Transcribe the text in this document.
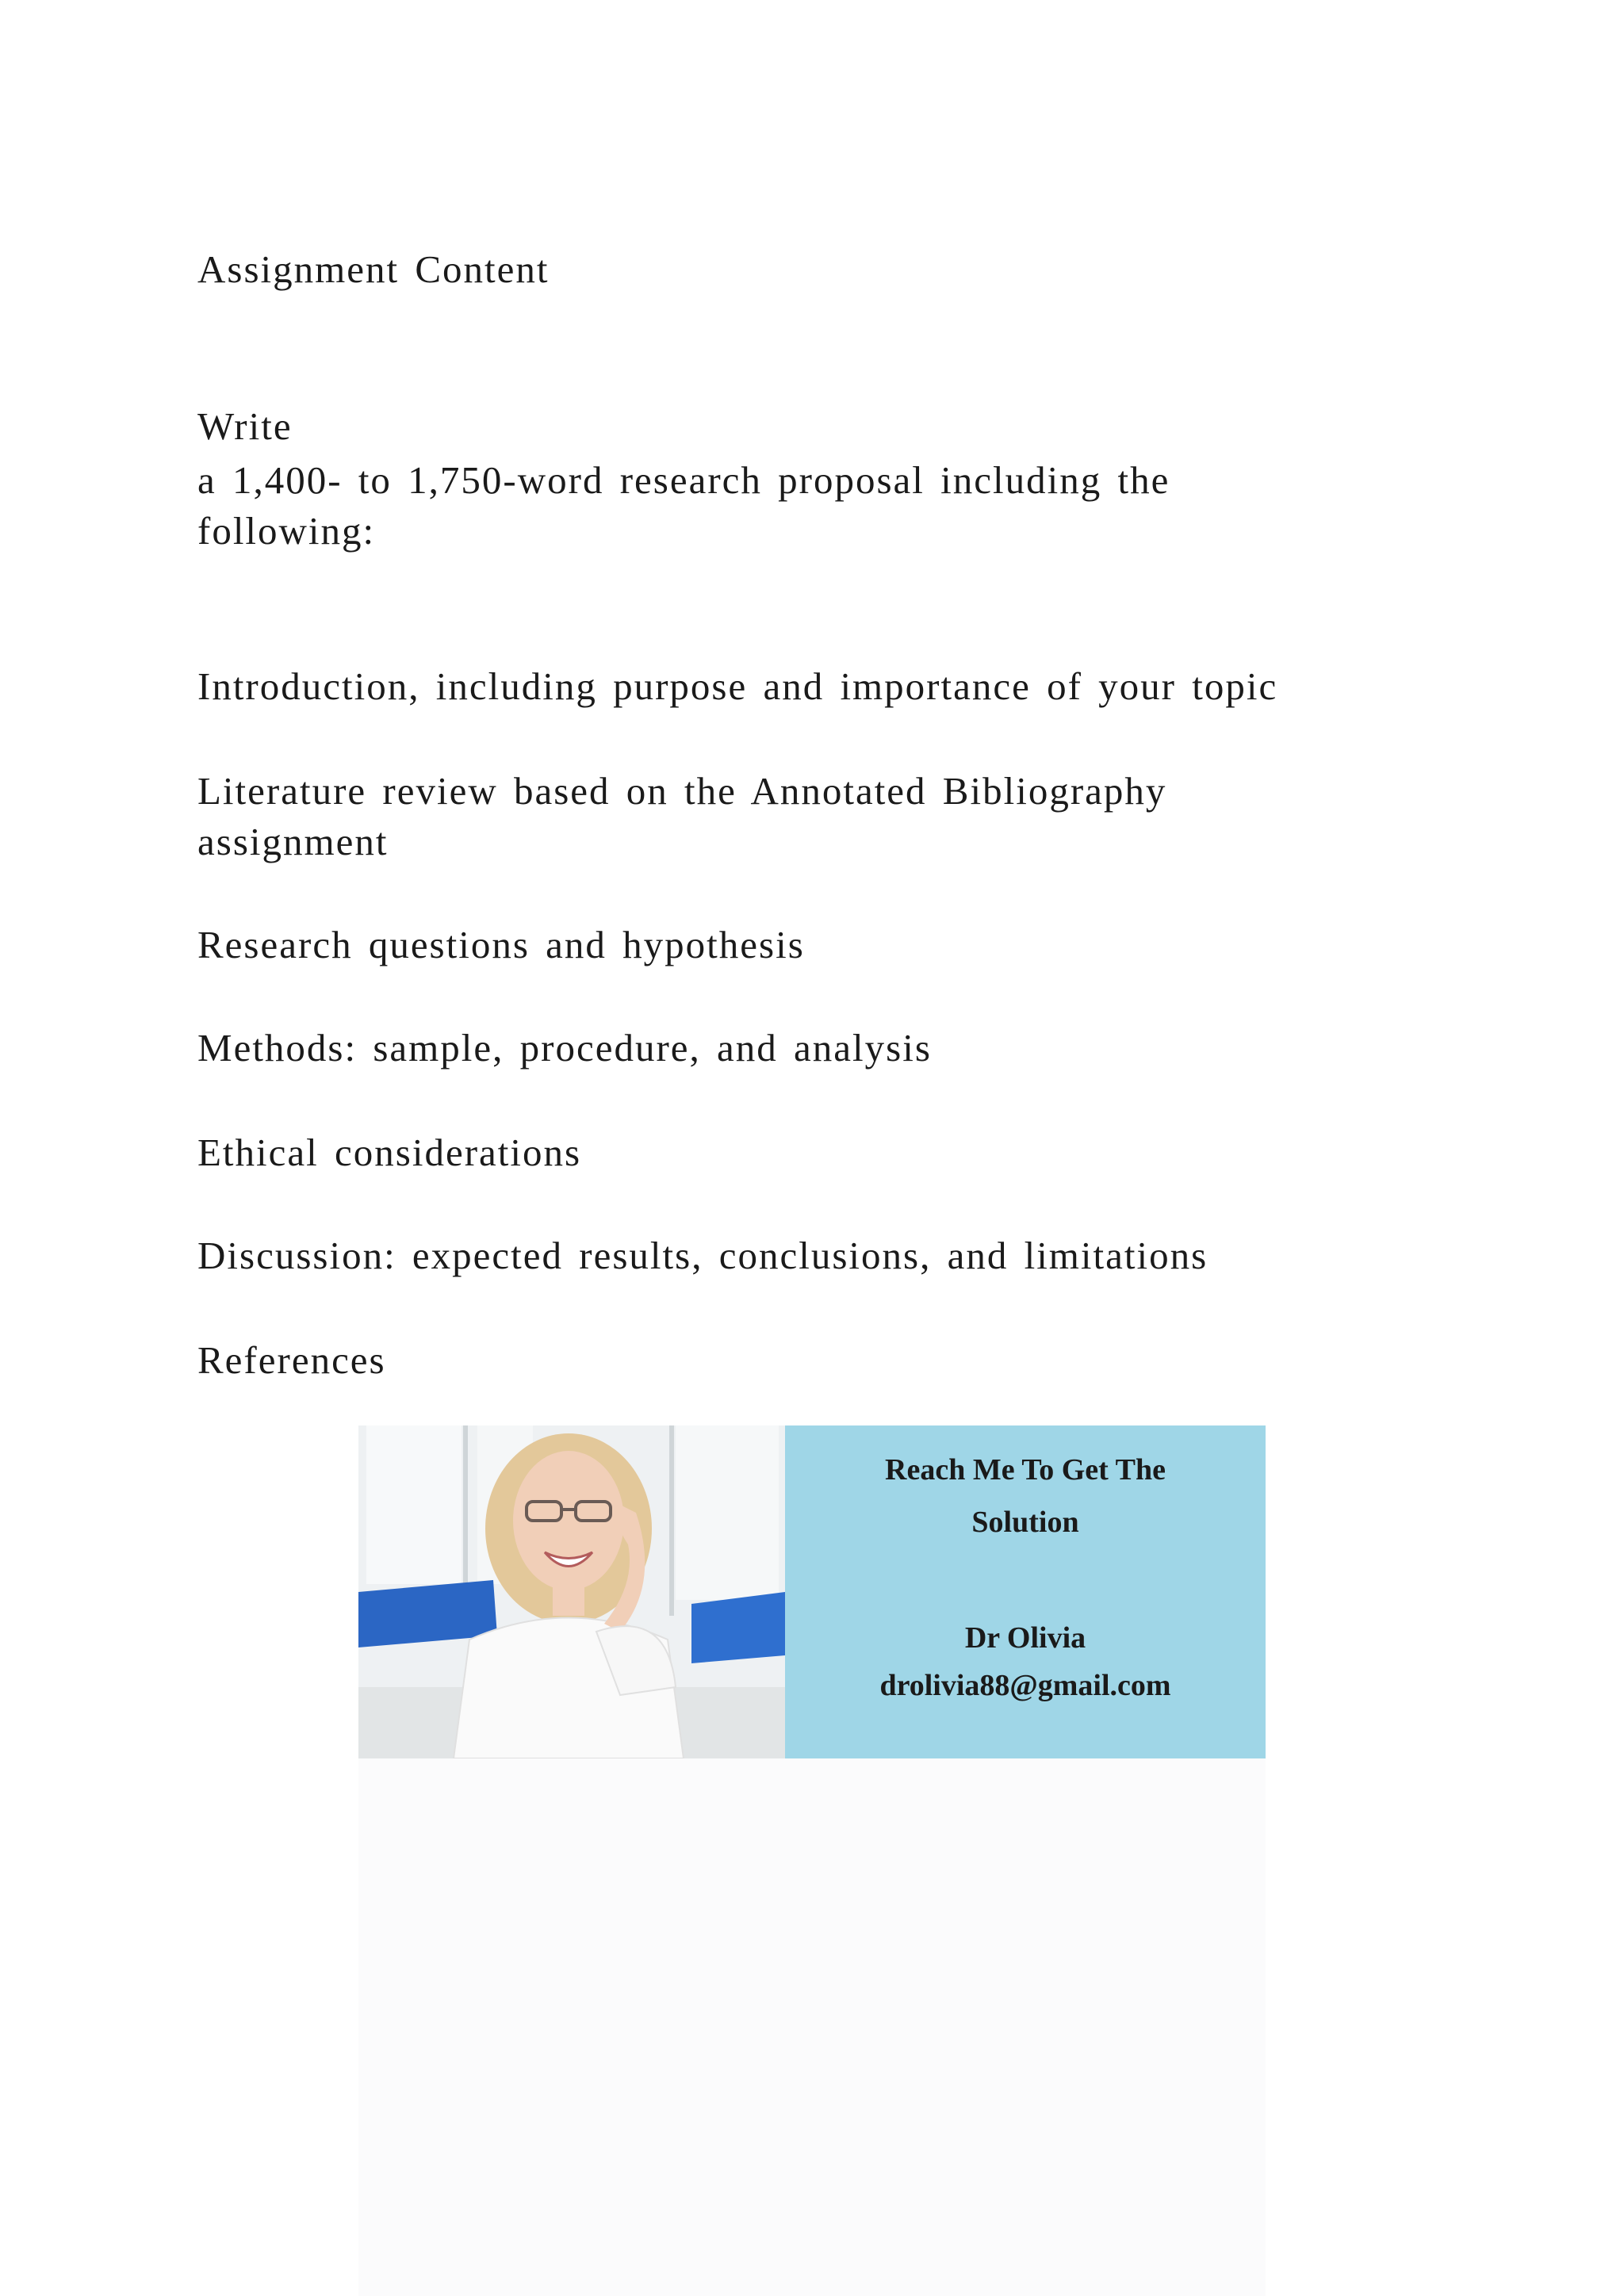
Assignment Content
Write
a 1,400- to 1,750-word research proposal including the following:
Introduction, including purpose and importance of your topic
Literature review based on the Annotated Bibliography assignment
Research questions and hypothesis
Methods: sample, procedure, and analysis
Ethical considerations
Discussion: expected results, conclusions, and limitations
References
Reach Me To Get The
Solution
Dr Olivia
drolivia88@gmail.com
